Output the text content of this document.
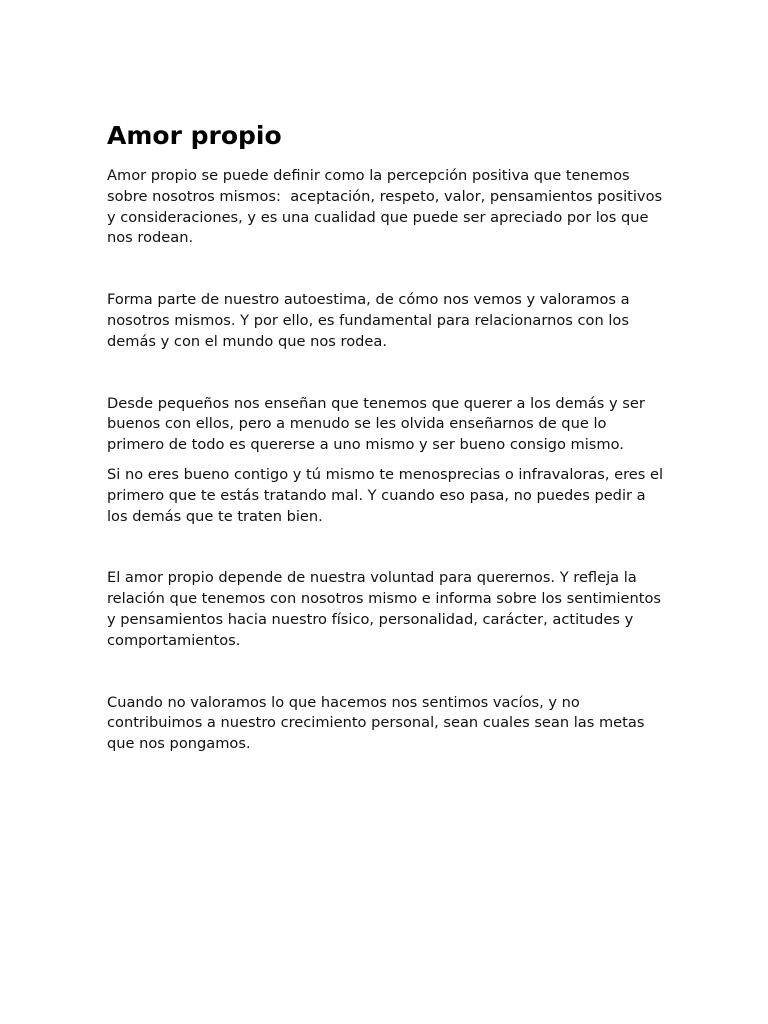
Amor propio

Amor propio se puede definir como la percepción positiva que tenemos sobre nosotros mismos:  aceptación, respeto, valor, pensamientos positivos y consideraciones, y es una cualidad que puede ser apreciado por los que nos rodean.

Forma parte de nuestro autoestima, de cómo nos vemos y valoramos a nosotros mismos. Y por ello, es fundamental para relacionarnos con los demás y con el mundo que nos rodea.

Desde pequeños nos enseñan que tenemos que querer a los demás y ser buenos con ellos, pero a menudo se les olvida enseñarnos de que lo primero de todo es quererse a uno mismo y ser bueno consigo mismo.

Si no eres bueno contigo y tú mismo te menosprecias o infravaloras, eres el primero que te estás tratando mal. Y cuando eso pasa, no puedes pedir a los demás que te traten bien.

El amor propio depende de nuestra voluntad para querernos. Y refleja la relación que tenemos con nosotros mismo e informa sobre los sentimientos y pensamientos hacia nuestro físico, personalidad, carácter, actitudes y comportamientos.

Cuando no valoramos lo que hacemos nos sentimos vacíos, y no contribuimos a nuestro crecimiento personal, sean cuales sean las metas que nos pongamos.
